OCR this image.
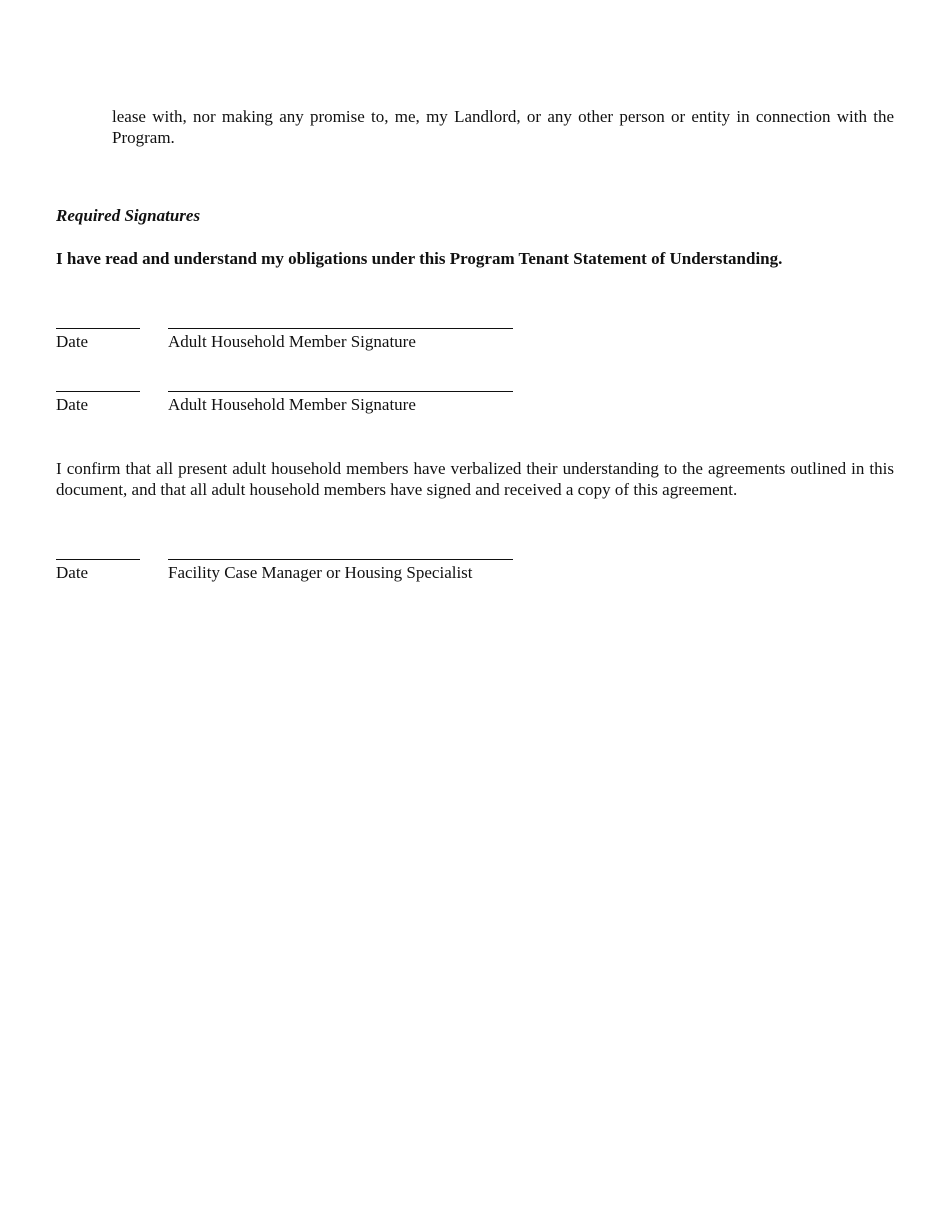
lease with, nor making any promise to, me, my Landlord, or any other person or entity in connection with the Program.

Required Signatures

I have read and understand my obligations under this Program Tenant Statement of Understanding.

Date	Adult Household Member Signature
Date	Adult Household Member Signature

I confirm that all present adult household members have verbalized their understanding to the agreements outlined in this document, and that all adult household members have signed and received a copy of this agreement.

Date	Facility Case Manager or Housing Specialist
